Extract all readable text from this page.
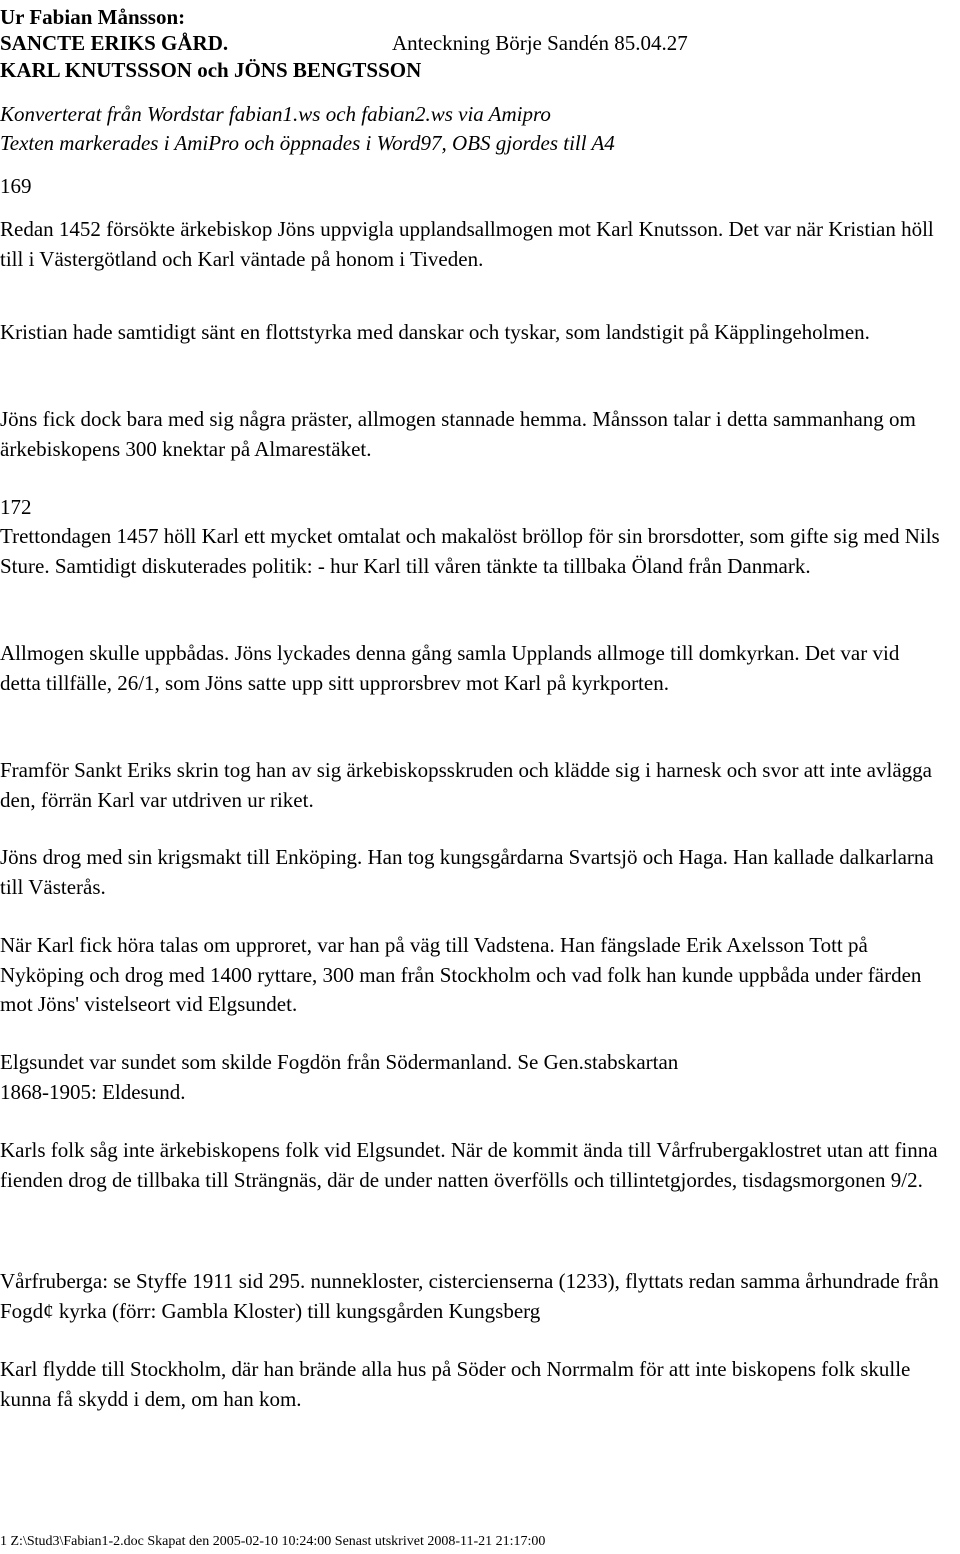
Ur Fabian Månsson:
SANCTE ERIKS GÅRD.	Anteckning Börje Sandén 85.04.27
KARL KNUTSSSON och JÖNS BENGTSSON
Konverterat från Wordstar fabian1.ws och fabian2.ws via Amipro
Texten markerades i AmiPro och öppnades i Word97, OBS gjordes till A4
169

Redan 1452 försökte ärkebiskop Jöns uppvigla upplandsallmogen mot Karl Knutsson. Det var när Kristian höll till i Västergötland och Karl väntade på honom i Tiveden.

Kristian hade samtidigt sänt en flottstyrka med danskar och tyskar, som landstigit på Käpplingeholmen.

Jöns fick dock bara med sig några präster, allmogen stannade hemma. Månsson talar i detta sammanhang om ärkebiskopens 300 knektar på Almarestäket.

172

Trettondagen 1457 höll Karl ett mycket omtalat och makalöst bröllop för sin brorsdotter, som gifte sig med Nils Sture. Samtidigt diskuterades politik: - hur Karl till våren tänkte ta tillbaka Öland från Danmark.

Allmogen skulle uppbådas. Jöns lyckades denna gång samla Upplands allmoge till domkyrkan. Det var vid detta tillfälle, 26/1, som Jöns satte upp sitt upprorsbrev mot Karl på kyrkporten.

Framför Sankt Eriks skrin tog han av sig ärkebiskopsskruden och klädde sig i harnesk och svor att inte avlägga den, förrän Karl var utdriven ur riket.

Jöns drog med sin krigsmakt till Enköping. Han tog kungsgårdarna Svartsjö och Haga. Han kallade dalkarlarna till Västerås.

När Karl fick höra talas om upproret, var han på väg till Vadstena. Han fängslade Erik Axelsson Tott på Nyköping och drog med 1400 ryttare, 300 man från Stockholm och vad folk han kunde uppbåda under färden mot Jöns' vistelseort vid Elgsundet.

Elgsundet var sundet som skilde Fogdön från Södermanland. Se Gen.stabskartan
1868-1905: Eldesund.

Karls folk såg inte ärkebiskopens folk vid Elgsundet. När de kommit ända till Vårfrubergaklostret utan att finna fienden drog de tillbaka till Strängnäs, där de under natten överfölls och tillintetgjordes, tisdagsmorgonen 9/2.

Vårfruberga: se Styffe 1911 sid 295. nunnekloster, cistercienserna (1233), flyttats redan samma århundrade från Fogd¢ kyrka (förr: Gambla Kloster) till kungsgården Kungsberg

Karl flydde till Stockholm, där han brände alla hus på Söder och Norrmalm för att inte biskopens folk skulle kunna få skydd i dem, om han kom.

1 Z:\Stud3\Fabian1-2.doc Skapat den 2005-02-10 10:24:00 Senast utskrivet 2008-11-21 21:17:00
